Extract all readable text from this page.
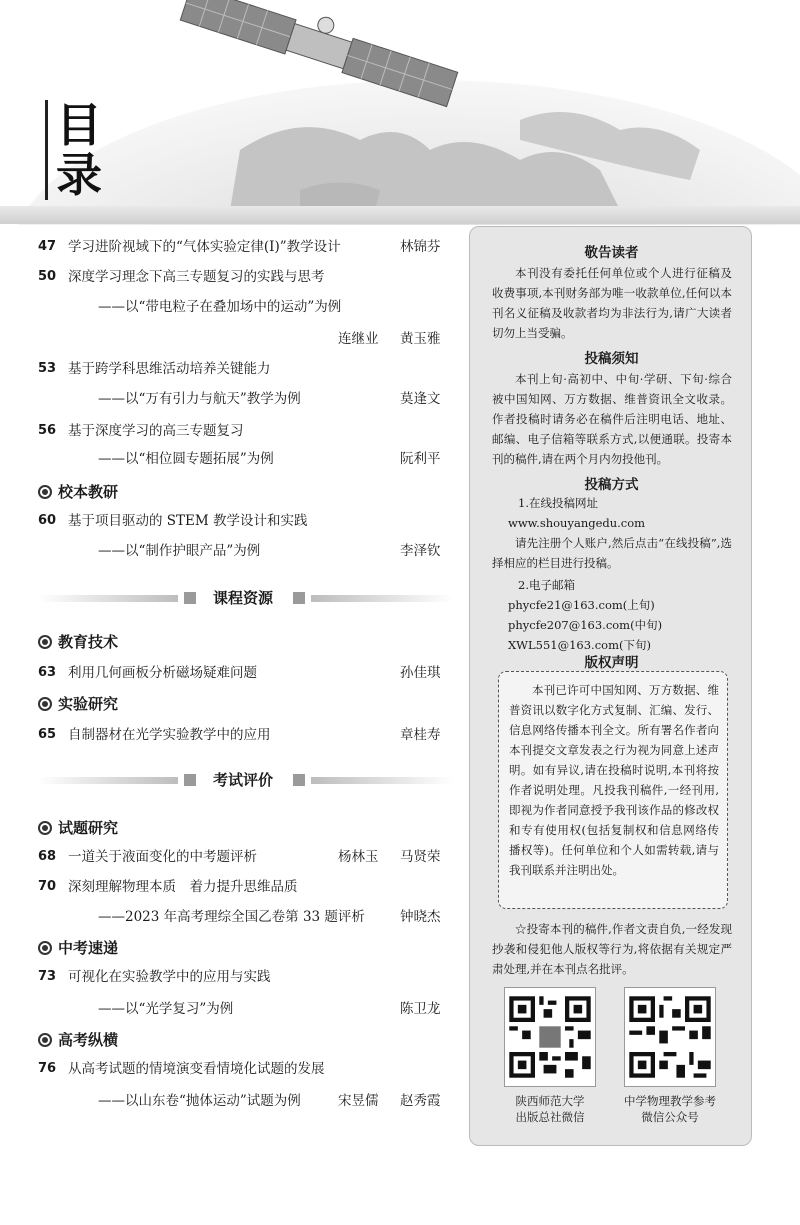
目
录
47 学习进阶视域下的“气体实验定律(Ⅰ)”教学设计	林锦芬
50 深度学习理念下高三专题复习的实践与思考
——以“带电粒子在叠加场中的运动”为例
连继业 黄玉雅
53 基于跨学科思维活动培养关键能力
——以“万有引力与航天”教学为例	莫逢文
56 基于深度学习的高三专题复习
——以“相位圆专题拓展”为例	阮利平
校本教研
60 基于项目驱动的 STEM 教学设计和实践
——以“制作护眼产品”为例	李泽钦
课程资源
教育技术
63 利用几何画板分析磁场疑难问题	孙佳琪
实验研究
65 自制器材在光学实验教学中的应用	章桂寿
考试评价
试题研究
68 一道关于液面变化的中考题评析	杨林玉 马贤荣
70 深刻理解物理本质　着力提升思维品质
——2023 年高考理综全国乙卷第 33 题评析	钟晓杰
中考速递
73 可视化在实验教学中的应用与实践
——以“光学复习”为例	陈卫龙
高考纵横
76 从高考试题的情境演变看情境化试题的发展
——以山东卷“抛体运动”试题为例	宋昱儒 赵秀霞
敬告读者

本刊没有委托任何单位或个人进行征稿及收费事项,本刊财务部为唯一收款单位,任何以本刊名义征稿及收款者均为非法行为,请广大读者切勿上当受骗。

投稿须知

本刊上旬·高初中、中旬·学研、下旬·综合被中国知网、万方数据、维普资讯全文收录。作者投稿时请务必在稿件后注明电话、地址、邮编、电子信箱等联系方式,以便通联。投寄本刊的稿件,请在两个月内勿投他刊。

投稿方式
1.在线投稿网址
www.shouyangedu.com

请先注册个人账户,然后点击“在线投稿”,选择相应的栏目进行投稿。

2.电子邮箱
phycfe21@163.com(上旬)
phycfe207@163.com(中旬)
XWL551@163.com(下旬)
版权声明

本刊已许可中国知网、万方数据、维普资讯以数字化方式复制、汇编、发行、信息网络传播本刊全文。所有署名作者向本刊提交文章发表之行为视为同意上述声明。如有异议,请在投稿时说明,本刊将按作者说明处理。凡投我刊稿件,一经刊用,即视为作者同意授予我刊该作品的修改权和专有使用权(包括复制权和信息网络传播权等)。任何单位和个人如需转载,请与我刊联系并注明出处。

☆投寄本刊的稿件,作者文责自负,一经发现抄袭和侵犯他人版权等行为,将依据有关规定严肃处理,并在本刊点名批评。

陕西师范大学
出版总社微信
中学物理教学参考
微信公众号
